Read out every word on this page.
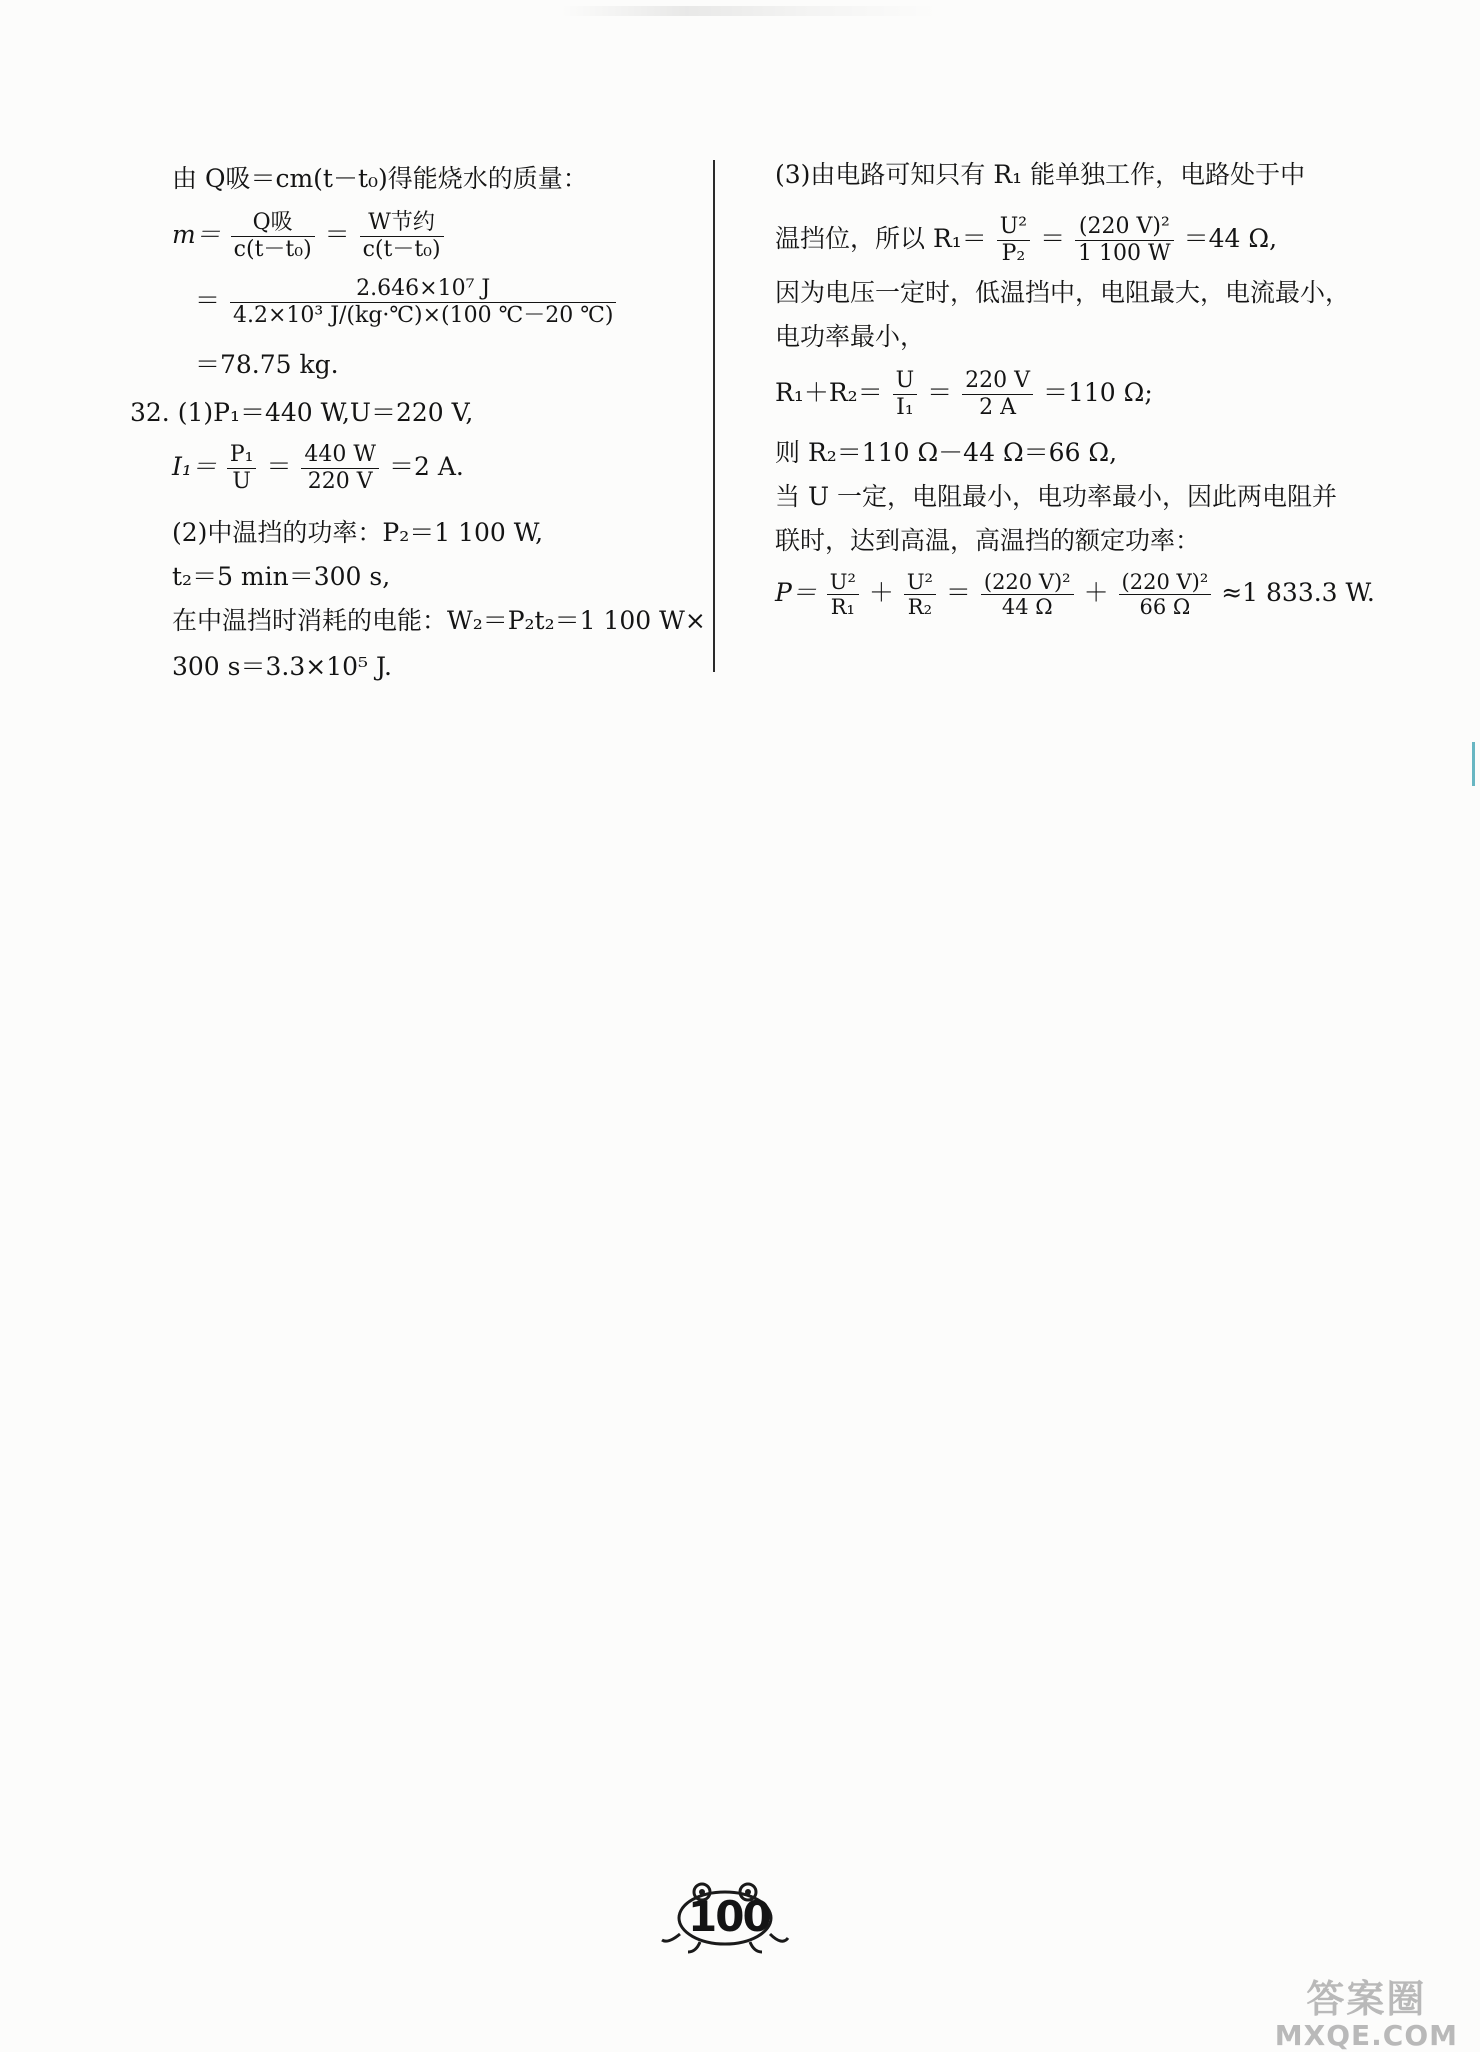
由 Q吸＝cm(t－t₀)得能烧水的质量：
$m= \frac{\text{Q吸}}{\text{c(t－t₀)}} = \frac{\text{W节约}}{\text{c(t－t₀)}}$
＝ $\frac{\text{2.646×10⁷ J}}{\text{4.2×10³ J/(kg·℃)×(100 ℃－20 ℃)}}$
＝78.75 kg.
32. (1)P₁＝440 W,U＝220 V,
$I_1= \frac{\text{P₁}}{U} = \frac{440 W}{220 V} =2$ A.
(2)中温挡的功率：P₂＝1 100 W,
t₂＝5 min＝300 s,
在中温挡时消耗的电能：W₂＝P₂t₂＝1 100 W×
300 s＝3.3×10⁵ J.
(3)由电路可知只有 R₁ 能单独工作，电路处于中
温挡位，所以 $R_1= \frac{\text{U²}}{\text{P₂}} = \frac{\text{(220 V)²}}{1 100 W} =44$ Ω,
因为电压一定时，低温挡中，电阻最大，电流最小，
电功率最小，
$R_1+R_2= \frac{U}{\text{I₁}} = \frac{220 V}{2 A} =110$ Ω;
则 R₂＝110 Ω－44 Ω＝66 Ω,
当 U 一定，电阻最小，电功率最小，因此两电阻并
联时，达到高温，高温挡的额定功率：
$P= \frac{\text{U²}}{\text{R₁}} + \frac{\text{U²}}{\text{R₂}} = \frac{\text{(220 V)²}}{44 \Omega} + \frac{\text{(220 V)²}}{66 \Omega} \approx 1$ 833.3 W.
100
答案圈
MXQE.COM
